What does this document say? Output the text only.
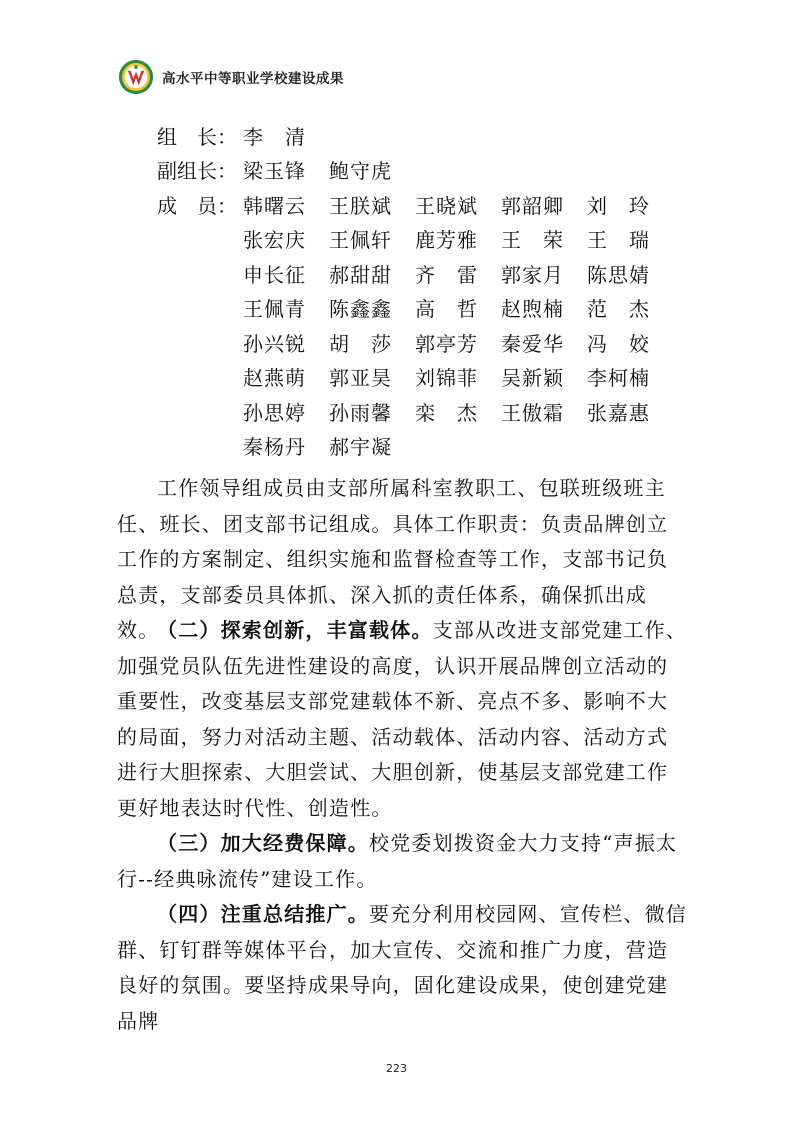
高水平中等职业学校建设成果
组　长： 李　清
副组长： 梁玉锋	鲍守虎
成　员： 韩曙云	王朕斌	王晓斌	郭韶卿	刘　玲
张宏庆	王佩轩	鹿芳雅	王　荣	王　瑞
申长征	郝甜甜	齐　雷	郭家月	陈思婧
王佩青	陈鑫鑫	高　哲	赵煦楠	范　杰
孙兴锐	胡　莎	郭亭芳	秦爱华	冯　姣
赵燕萌	郭亚昊	刘锦菲	吴新颖	李柯楠
孙思婷	孙雨馨	栾　杰	王傲霜	张嘉惠
秦杨丹	郝宇凝

工作领导组成员由支部所属科室教职工、包联班级班主任、班长、团支部书记组成。具体工作职责：负责品牌创立工作的方案制定、组织实施和监督检查等工作，支部书记负总责，支部委员具体抓、深入抓的责任体系，确保抓出成效。

（二）探索创新，丰富载体。支部从改进支部党建工作、加强党员队伍先进性建设的高度，认识开展品牌创立活动的重要性，改变基层支部党建载体不新、亮点不多、影响不大的局面，努力对活动主题、活动载体、活动内容、活动方式进行大胆探索、大胆尝试、大胆创新，使基层支部党建工作更好地表达时代性、创造性。

（三）加大经费保障。校党委划拨资金大力支持“声振太行--经典咏流传”建设工作。

（四）注重总结推广。要充分利用校园网、宣传栏、微信群、钉钉群等媒体平台，加大宣传、交流和推广力度，营造良好的氛围。要坚持成果导向，固化建设成果，使创建党建品牌

223
